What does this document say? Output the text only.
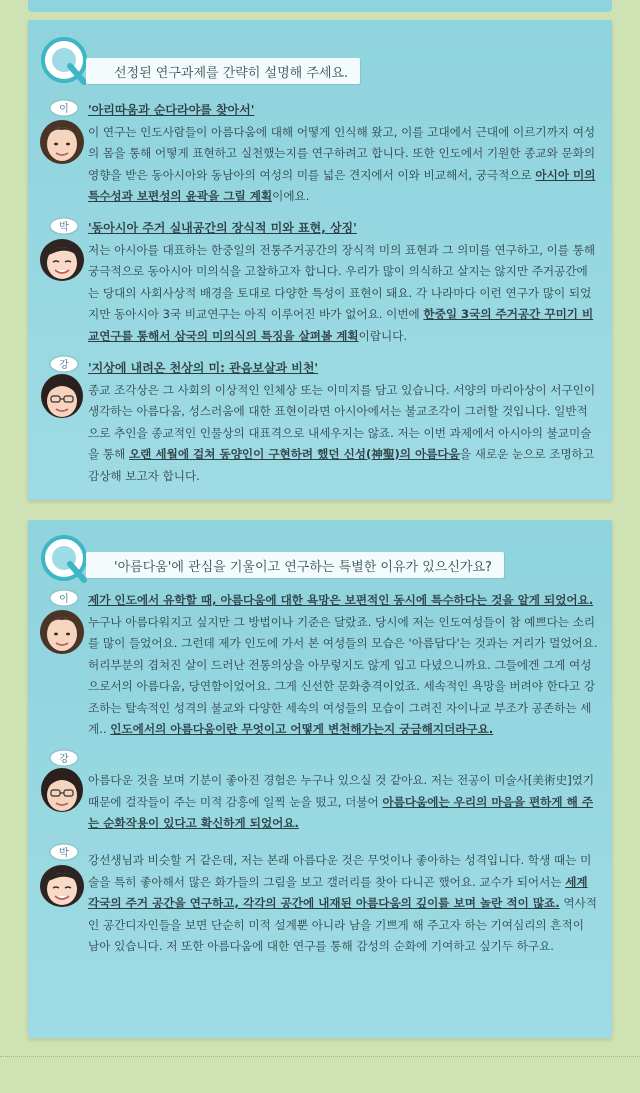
선정된 연구과제를 간략히 설명해 주세요.
이 '아리따움과 순다라야를 찾아서'
이 연구는 인도사람들이 아름다움에 대해 어떻게 인식해 왔고, 이를 고대에서 근대에 이르기까지 여성의 몸을 통해 어떻게 표현하고 실천했는지를 연구하려고 합니다. 또한 인도에서 기원한 종교와 문화의 영향을 받은 동아시아와 동남아의 여성의 미를 넓은 견지에서 이와 비교해서, 궁극적으로 아시아 미의 특수성과 보편성의 윤곽을 그릴 계획이에요.
박 '동아시아 주거 실내공간의 장식적 미와 표현, 상징'
저는 아시아를 대표하는 한중일의 전통주거공간의 장식적 미의 표현과 그 의미를 연구하고, 이를 통해 궁극적으로 동아시아 미의식을 고찰하고자 합니다. 우리가 많이 의식하고 살지는 않지만 주거공간에는 당대의 사회사상적 배경을 토대로 다양한 특성이 표현이 돼요. 각 나라마다 이런 연구가 많이 되었지만 동아시아 3국 비교연구는 아직 이루어진 바가 없어요. 이번에 한중일 3국의 주거공간 꾸미기 비교연구를 통해서 삼국의 미의식의 특징을 살펴볼 계획이랍니다.
강 '지상에 내려온 천상의 미: 관음보살과 비천'
종교 조각상은 그 사회의 이상적인 인체상 또는 이미지를 담고 있습니다. 서양의 마리아상이 서구인이 생각하는 아름다움, 성스러움에 대한 표현이라면 아시아에서는 불교조각이 그러할 것입니다. 일반적으로 추인을 종교적인 인물상의 대표격으로 내세우지는 않죠. 저는 이번 과제에서 아시아의 불교미술을 통해 오랜 세월에 걸쳐 동양인이 구현하려 했던 신성(神聖)의 아름다움을 새로운 눈으로 조명하고 감상해 보고자 합니다.
'아름다움'에 관심을 기울이고 연구하는 특별한 이유가 있으신가요?
이 제가 인도에서 유학할 때, 아름다움에 대한 욕망은 보편적인 동시에 특수하다는 것을 알게 되었어요. 누구나 아름다워지고 싶지만 그 방법이나 기준은 달랐죠. 당시에 저는 인도여성들이 참 예쁘다는 소리를 많이 들었어요. 그런데 제가 인도에 가서 본 여성들의 모습은 '아름답다'는 것과는 거리가 멀었어요. 허리부분의 겹쳐진 살이 드러난 전통의상을 아무렇지도 않게 입고 다녔으니까요. 그들에겐 그게 여성으로서의 아름다움, 당연함이었어요. 그게 신선한 문화충격이었죠. 세속적인 욕망을 버려야 한다고 강조하는 탈속적인 성격의 불교와 다양한 세속의 여성들의 모습이 그려진 자이나교 부조가 공존하는 세계.. 인도에서의 아름다움이란 무엇이고 어떻게 변천해가는지 궁금해지더라구요.
강
아름다운 것을 보며 기분이 좋아진 경험은 누구나 있으실 것 같아요. 저는 전공이 미술사[美術史]였기 때문에 걸작들이 주는 미적 감흥에 일찍 눈을 떴고, 더불어 아름다움에는 우리의 마음을 편하게 해 주는 순화작용이 있다고 확신하게 되었어요.
박 강선생님과 비슷할 거 같은데, 저는 본래 아름다운 것은 무엇이나 좋아하는 성격입니다. 학생 때는 미술을 특히 좋아해서 많은 화가들의 그림을 보고 갤러리를 찾아 다니곤 했어요. 교수가 되어서는 세계 각국의 주거 공간을 연구하고, 각각의 공간에 내재된 아름다움의 깊이를 보며 놀란 적이 많죠. 역사적인 공간디자인들을 보면 단순히 미적 설계뿐 아니라 남을 기쁘게 해 주고자 하는 기여심리의 흔적이 남아 있습니다. 저 또한 아름다움에 대한 연구를 통해 감성의 순화에 기여하고 싶기두 하구요.
